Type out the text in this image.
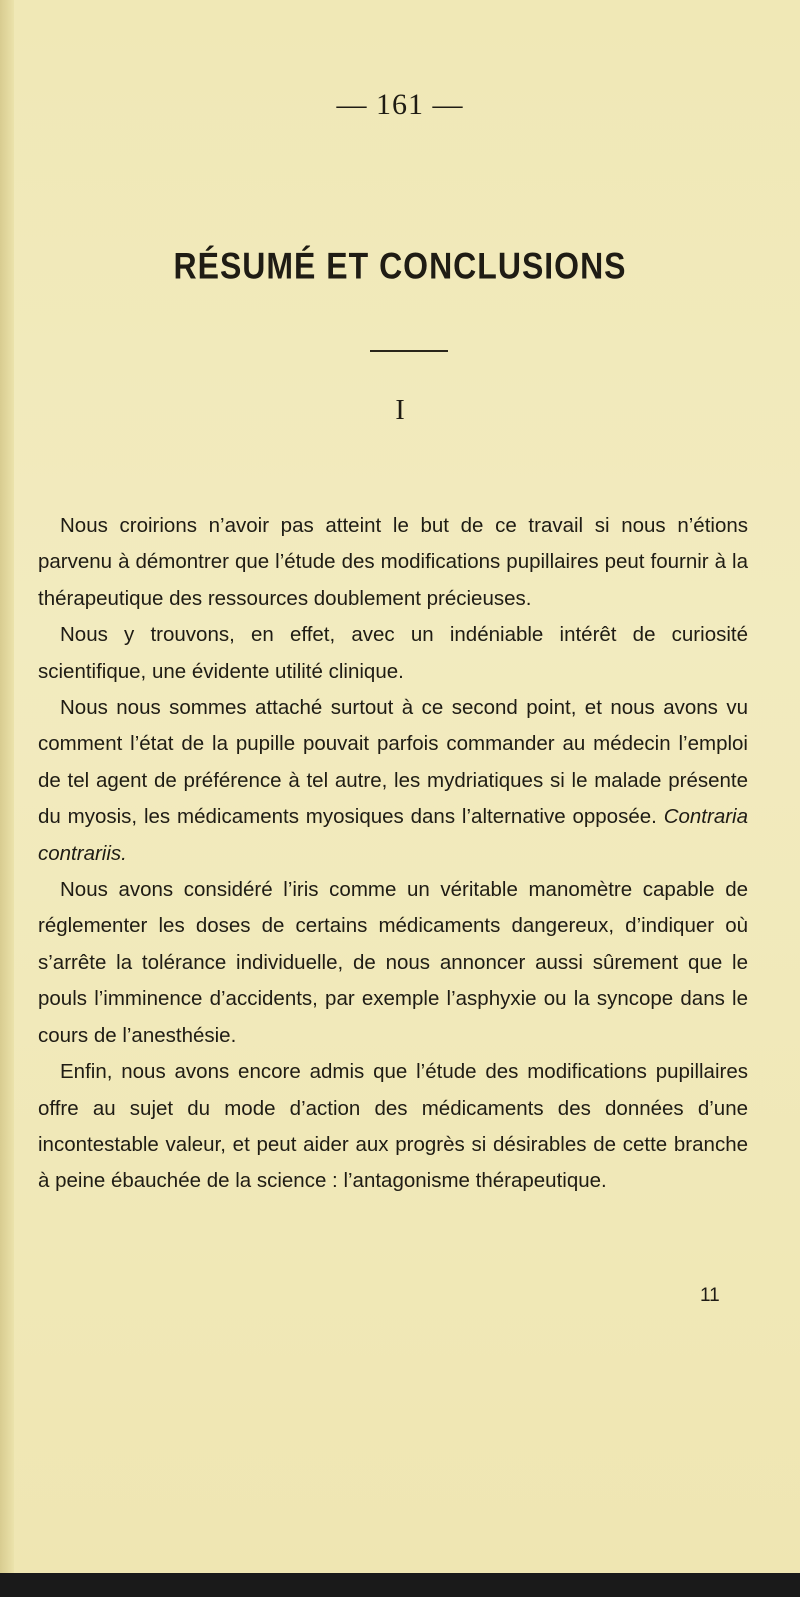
— 161 —
RÉSUMÉ ET CONCLUSIONS
I

Nous croirions n’avoir pas atteint le but de ce travail si nous n’étions parvenu à démontrer que l’étude des modifications pupillaires peut fournir à la thérapeutique des ressources doublement précieuses.

Nous y trouvons, en effet, avec un indéniable intérêt de curiosité scientifique, une évidente utilité clinique.

Nous nous sommes attaché surtout à ce second point, et nous avons vu comment l’état de la pupille pouvait parfois commander au médecin l’emploi de tel agent de préférence à tel autre, les mydriatiques si le malade présente du myosis, les médicaments myosiques dans l’alternative opposée. Contraria contrariis.

Nous avons considéré l’iris comme un véritable manomètre capable de réglementer les doses de certains médicaments dangereux, d’indiquer où s’arrête la tolérance individuelle, de nous annoncer aussi sûrement que le pouls l’imminence d’accidents, par exemple l’asphyxie ou la syncope dans le cours de l’anesthésie.

Enfin, nous avons encore admis que l’étude des modifications pupillaires offre au sujet du mode d’action des médicaments des données d’une incontestable valeur, et peut aider aux progrès si désirables de cette branche à peine ébauchée de la science : l’antagonisme thérapeutique.

11
